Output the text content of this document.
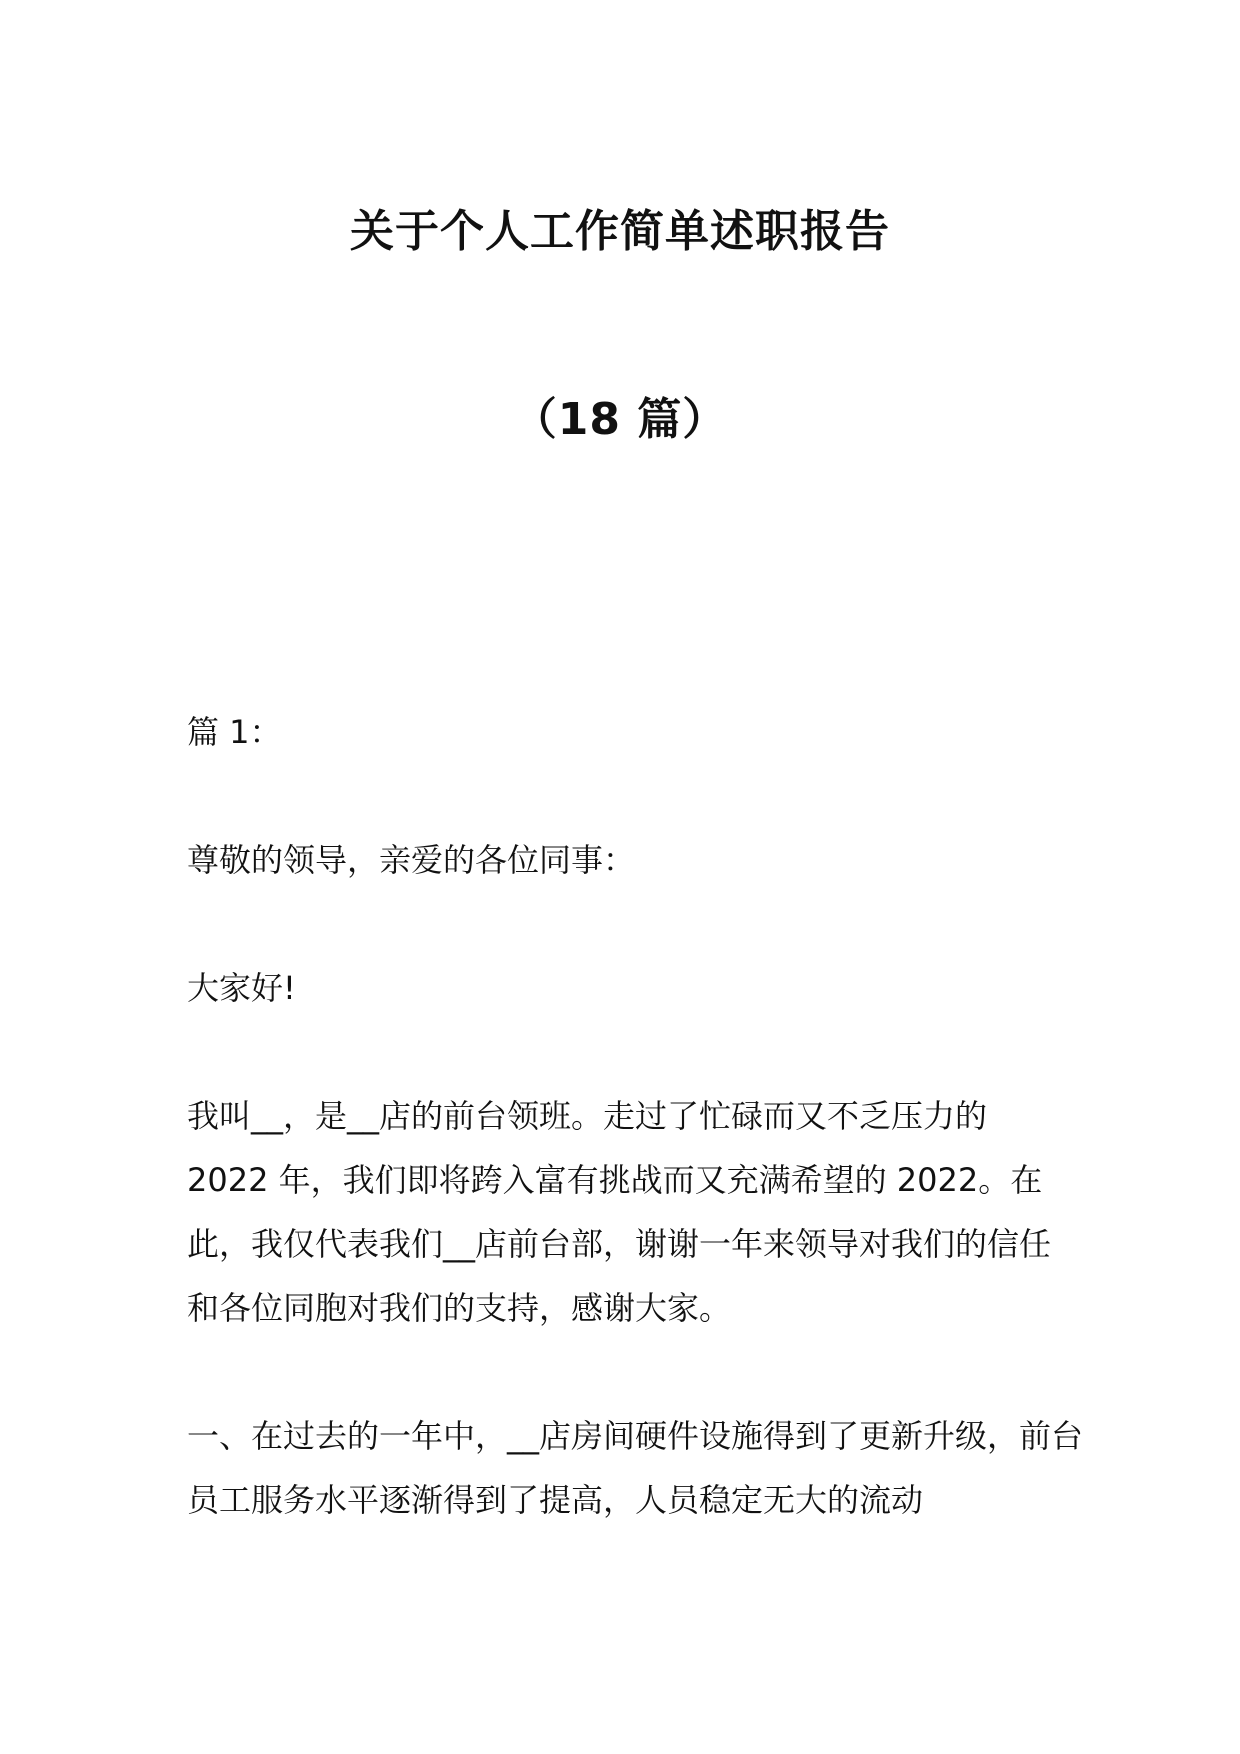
关于个人工作简单述职报告
（18 篇）

篇 1：

尊敬的领导，亲爱的各位同事：

大家好!

我叫__，是__店的前台领班。走过了忙碌而又不乏压力的 2022 年，我们即将跨入富有挑战而又充满希望的 2022。在此，我仅代表我们__店前台部，谢谢一年来领导对我们的信任和各位同胞对我们的支持，感谢大家。

一、在过去的一年中，__店房间硬件设施得到了更新升级，前台员工服务水平逐渐得到了提高，人员稳定无大的流动
